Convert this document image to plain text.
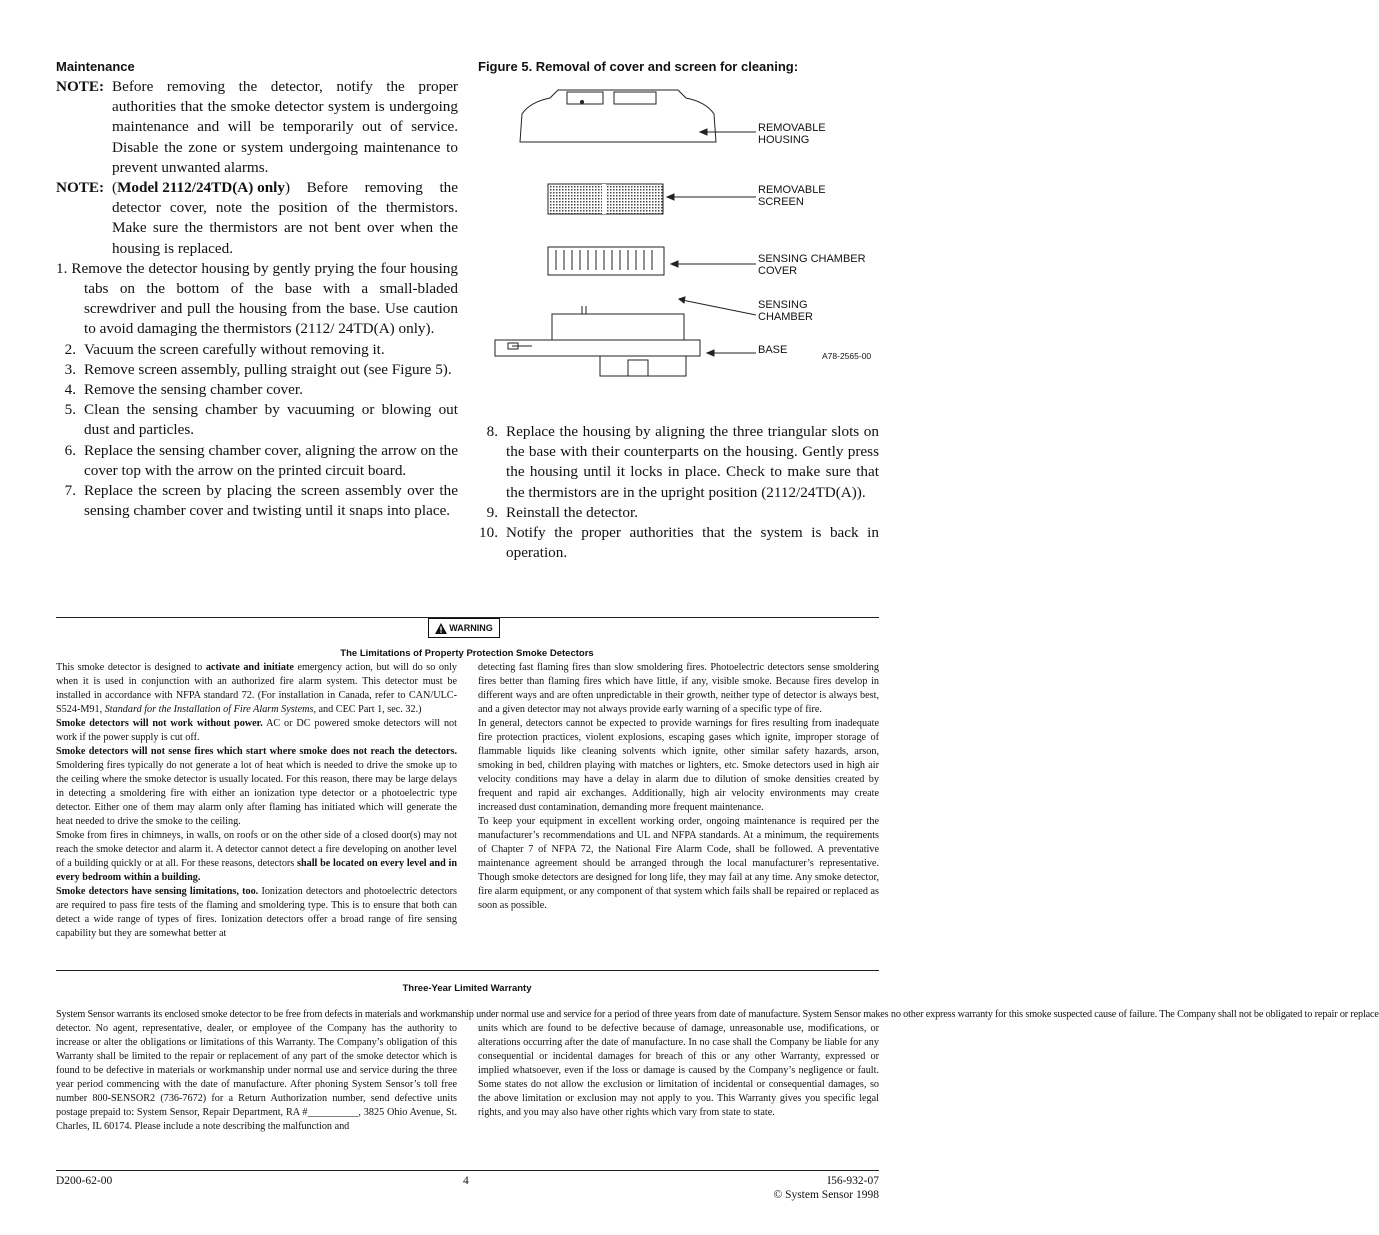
Maintenance	Figure 5. Removal of cover and screen for cleaning:
NOTE: Before removing the detector, notify the proper authorities that the smoke detector system is undergoing maintenance and will be temporarily out of service. Disable the zone or system undergoing maintenance to prevent unwanted alarms.
NOTE: (Model 2112/24TD(A) only) Before removing the detector cover, note the position of the thermistors. Make sure the thermistors are not bent over when the housing is replaced.
1. Remove the detector housing by gently prying the four housing tabs on the bottom of the base with a small-bladed screwdriver and pull the housing from the base. Use caution to avoid damaging the thermistors (2112/ 24TD(A) only).
2. Vacuum the screen carefully without removing it.
3. Remove screen assembly, pulling straight out (see Figure 5).
4. Remove the sensing chamber cover.
5. Clean the sensing chamber by vacuuming or blowing out dust and particles.
6. Replace the sensing chamber cover, aligning the arrow on the cover top with the arrow on the printed circuit board.
7. Replace the screen by placing the screen assembly over the sensing chamber cover and twisting until it snaps into place.
8. Replace the housing by aligning the three triangular slots on the base with their counterparts on the housing. Gently press the housing until it locks in place. Check to make sure that the thermistors are in the upright position (2112/24TD(A)).
9. Reinstall the detector.
10. Notify the proper authorities that the system is back in operation.
REMOVABLE HOUSING
REMOVABLE SCREEN
SENSING CHAMBER COVER
SENSING CHAMBER
BASE	A78-2565-00
WARNING
The Limitations of Property Protection Smoke Detectors

This smoke detector is designed to activate and initiate emergency action, but will do so only when it is used in conjunction with an authorized fire alarm system. This detector must be installed in accordance with NFPA standard 72. (For installation in Canada, refer to CAN/ULC-S524-M91, Standard for the Installation of Fire Alarm Systems, and CEC Part 1, sec. 32.)

Smoke detectors will not work without power. AC or DC powered smoke detectors will not work if the power supply is cut off.

Smoke detectors will not sense fires which start where smoke does not reach the detectors. Smoldering fires typically do not generate a lot of heat which is needed to drive the smoke up to the ceiling where the smoke detector is usually located. For this reason, there may be large delays in detecting a smoldering fire with either an ionization type detector or a photoelectric type detector. Either one of them may alarm only after flaming has initiated which will generate the heat needed to drive the smoke to the ceiling.

Smoke from fires in chimneys, in walls, on roofs or on the other side of a closed door(s) may not reach the smoke detector and alarm it. A detector cannot detect a fire developing on another level of a building quickly or at all. For these reasons, detectors shall be located on every level and in every bedroom within a building.

Smoke detectors have sensing limitations, too. Ionization detectors and photoelectric detectors are required to pass fire tests of the flaming and smoldering type. This is to ensure that both can detect a wide range of types of fires. Ionization detectors offer a broad range of fire sensing capability but they are somewhat better at

detecting fast flaming fires than slow smoldering fires. Photoelectric detectors sense smoldering fires better than flaming fires which have little, if any, visible smoke. Because fires develop in different ways and are often unpredictable in their growth, neither type of detector is always best, and a given detector may not always provide early warning of a specific type of fire.

In general, detectors cannot be expected to provide warnings for fires resulting from inadequate fire protection practices, violent explosions, escaping gases which ignite, improper storage of flammable liquids like cleaning solvents which ignite, other similar safety hazards, arson, smoking in bed, children playing with matches or lighters, etc. Smoke detectors used in high air velocity conditions may have a delay in alarm due to dilution of smoke densities created by frequent and rapid air exchanges. Additionally, high air velocity environments may create increased dust contamination, demanding more frequent maintenance.

To keep your equipment in excellent working order, ongoing maintenance is required per the manufacturer’s recommendations and UL and NFPA standards. At a minimum, the requirements of Chapter 7 of NFPA 72, the National Fire Alarm Code, shall be followed. A preventative maintenance agreement should be arranged through the local manufacturer’s representative. Though smoke detectors are designed for long life, they may fail at any time. Any smoke detector, fire alarm equipment, or any component of that system which fails shall be repaired or replaced as soon as possible.

Three-Year Limited Warranty
System Sensor warrants its enclosed smoke detector to be free from defects in materials and workmanship under normal use and service for a period of three years from date of manufacture. System Sensor makes no other express warranty for this smoke suspected cause of failure. The Company shall not be obligated to repair or replace
detector. No agent, representative, dealer, or employee of the Company has the authority to increase or alter the obligations or limitations of this Warranty. The Company’s obligation of this Warranty shall be limited to the repair or replacement of any part of the smoke detector which is found to be defective in materials or workmanship under normal use and service during the three year period commencing with the date of manufacture. After phoning System Sensor’s toll free number 800-SENSOR2 (736-7672) for a Return Authorization number, send defective units postage prepaid to: System Sensor, Repair Department, RA #__________, 3825 Ohio Avenue, St. Charles, IL 60174. Please include a note describing the malfunction and
units which are found to be defective because of damage, unreasonable use, modifications, or alterations occurring after the date of manufacture. In no case shall the Company be liable for any consequential or incidental damages for breach of this or any other Warranty, expressed or implied whatsoever, even if the loss or damage is caused by the Company’s negligence or fault. Some states do not allow the exclusion or limitation of incidental or consequential damages, so the above limitation or exclusion may not apply to you. This Warranty gives you specific legal rights, and you may also have other rights which vary from state to state.
D200-62-00	4	I56-932-07
© System Sensor 1998
